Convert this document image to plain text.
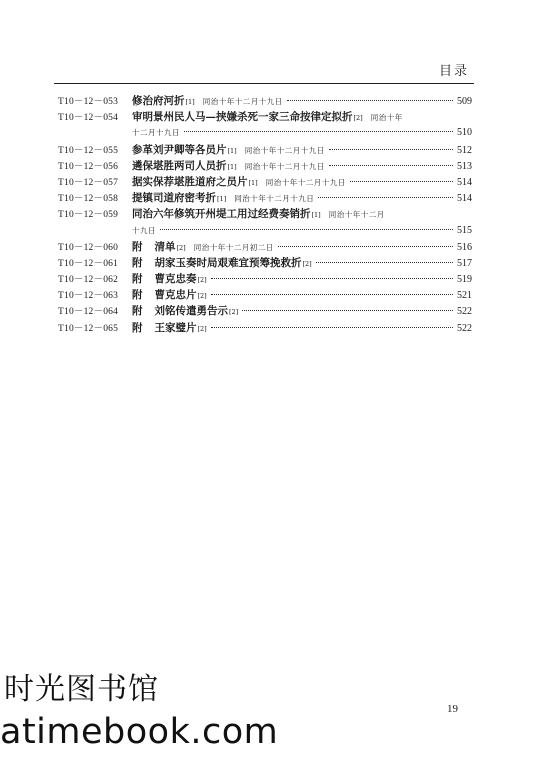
目录
T10－12－053	修治府河折 [1] 同治十年十二月十九日	509
T10－12－054	审明景州民人马—挟嫌杀死一家三命按律定拟折 [2] 同治十年
十二月十九日	510
T10－12－055	参革刘尹卿等各员片 [1] 同治十年十二月十九日	512
T10－12－056	遴保堪胜两司人员折 [1] 同治十年十二月十九日	513
T10－12－057	据实保荐堪胜道府之员片 [1] 同治十年十二月十九日	514
T10－12－058	提镇司道府密考折 [1] 同治十年十二月十九日	514
T10－12－059	同治六年修筑开州堤工用过经费奏销折 [1] 同治十年十二月
十九日	515
T10－12－060	附 清单 [2] 同治十年十二月初二日	516
T10－12－061	附 胡家玉奏时局艰难宜预筹挽救折 [2]	517
T10－12－062	附 曹克忠奏 [2]	519
T10－12－063	附 曹克忠片 [2]	521
T10－12－064	附 刘铭传遣勇告示 [2]	522
T10－12－065	附 王家璧片 [2]	522
19
时光图书馆
atimebook.com
